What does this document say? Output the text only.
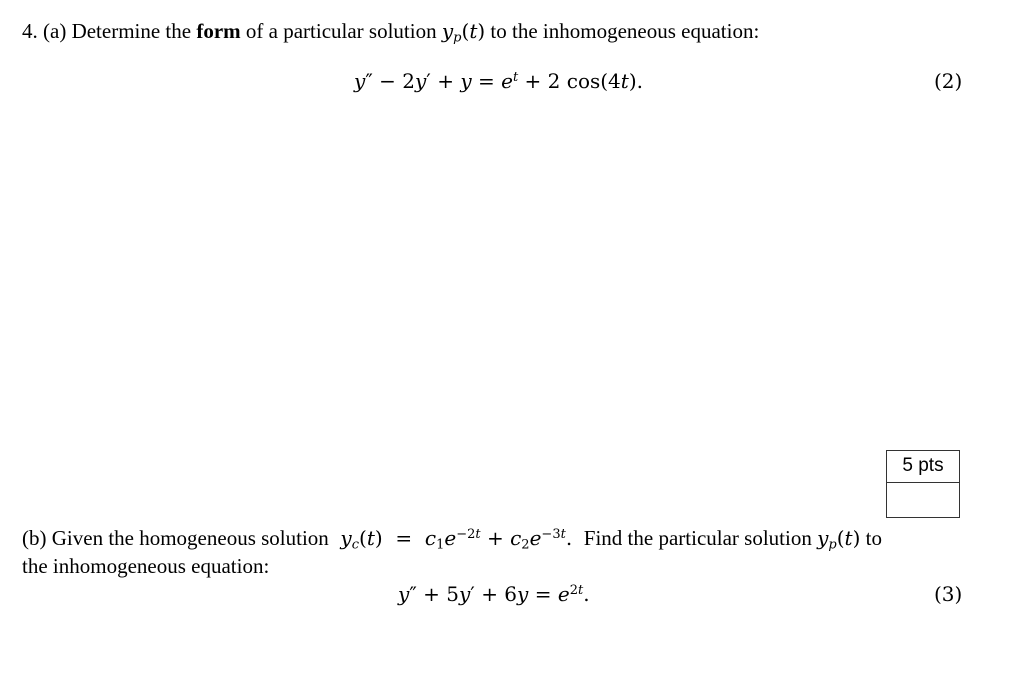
4. (a) Determine the form of a particular solution $y_p(t)$ to the inhomogeneous equation:
$y'' - 2y' + y = e^t + 2$ cos(4t).	(2)
5 pts
(b) Given the homogeneous solution $y_c(t) = c_1e^{-2t} + c_2e^{-3t}$.  Find the particular solution $y_p(t)$ to
the inhomogeneous equation:
$y'' + 5y' + 6y = e^{2t}$.	(3)
